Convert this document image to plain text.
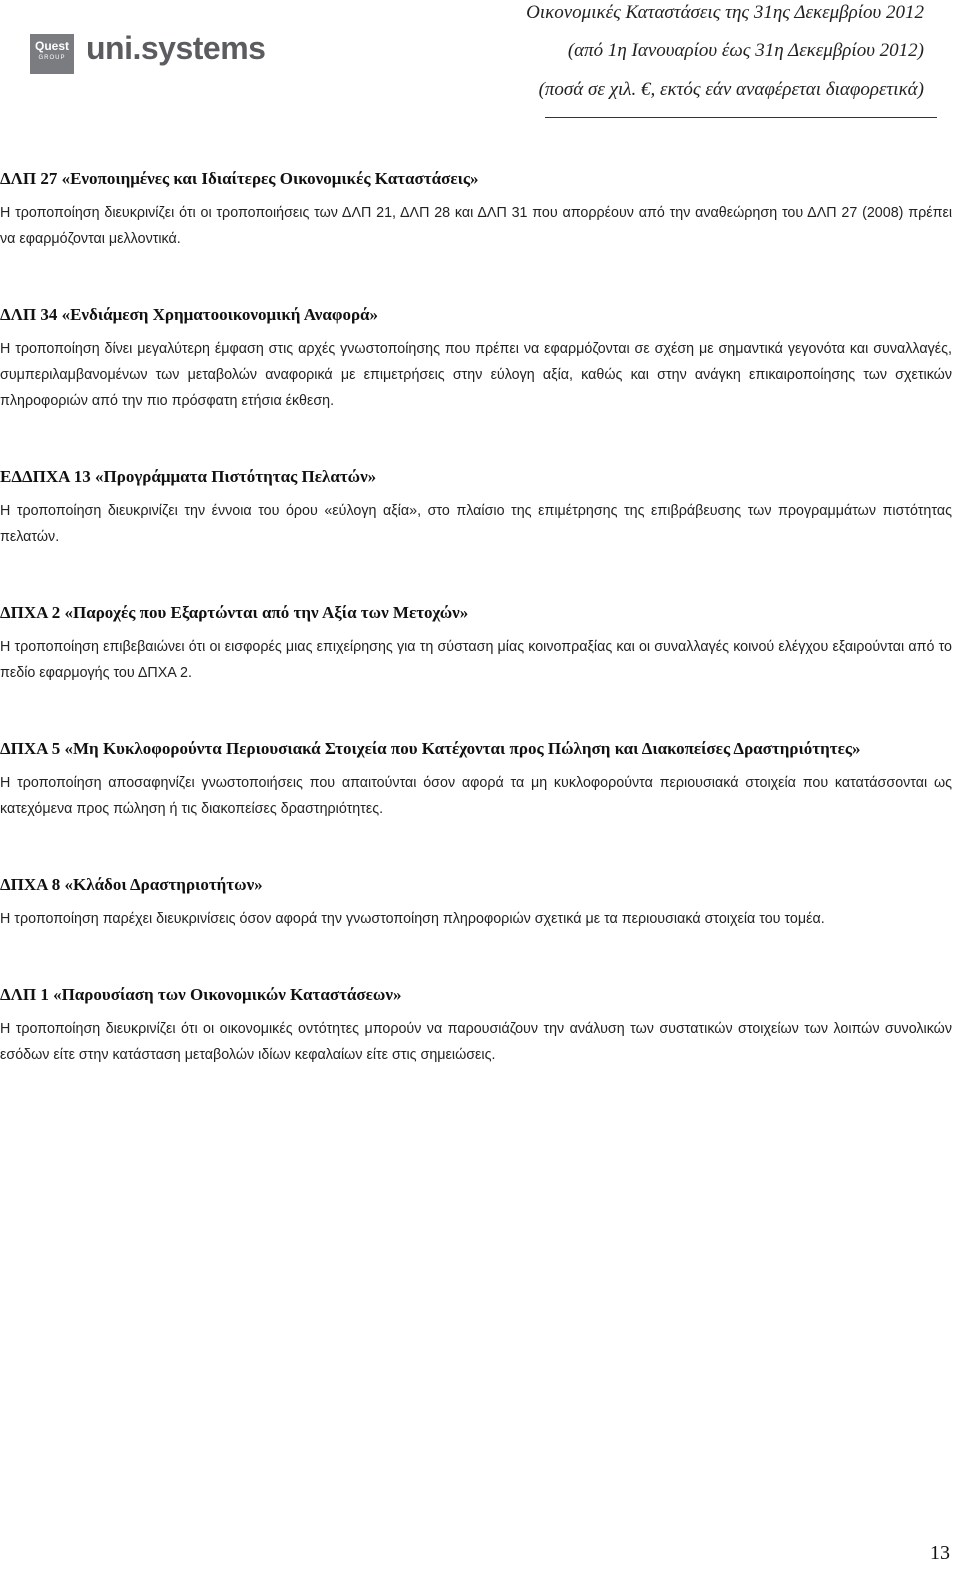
Quest
GROUP uni.systems
Οικονομικές Καταστάσεις της 31ης Δεκεμβρίου 2012
(από 1η Ιανουαρίου έως 31η Δεκεμβρίου 2012)
(ποσά σε χιλ. €, εκτός εάν αναφέρεται διαφορετικά)

ΔΛΠ 27 «Ενοποιημένες και Ιδιαίτερες Οικονομικές Καταστάσεις»

Η τροποποίηση διευκρινίζει ότι οι τροποποιήσεις των ΔΛΠ 21, ΔΛΠ 28 και ΔΛΠ 31 που απορρέουν από την αναθεώρηση του ΔΛΠ 27 (2008) πρέπει να εφαρμόζονται μελλοντικά.

ΔΛΠ 34 «Ενδιάμεση Χρηματοοικονομική Αναφορά»

Η τροποποίηση δίνει μεγαλύτερη έμφαση στις αρχές γνωστοποίησης που πρέπει να εφαρμόζονται σε σχέση με σημαντικά γεγονότα και συναλλαγές, συμπεριλαμβανομένων των μεταβολών αναφορικά με επιμετρήσεις στην εύλογη αξία, καθώς και στην ανάγκη επικαιροποίησης των σχετικών πληροφοριών από την πιο πρόσφατη ετήσια έκθεση.

ΕΔΔΠΧΑ 13 «Προγράμματα Πιστότητας Πελατών»

Η τροποποίηση διευκρινίζει την έννοια του όρου «εύλογη αξία», στο πλαίσιο της επιμέτρησης της επιβράβευσης των προγραμμάτων πιστότητας πελατών.

ΔΠΧΑ 2 «Παροχές που Εξαρτώνται από την Αξία των Μετοχών»

Η τροποποίηση επιβεβαιώνει ότι οι εισφορές μιας επιχείρησης για τη σύσταση μίας κοινοπραξίας και οι συναλλαγές κοινού ελέγχου εξαιρούνται από το πεδίο εφαρμογής του ΔΠΧΑ 2.

ΔΠΧΑ 5 «Μη Κυκλοφορούντα Περιουσιακά Στοιχεία που Κατέχονται προς Πώληση και Διακοπείσες Δραστηριότητες»

Η τροποποίηση αποσαφηνίζει γνωστοποιήσεις που απαιτούνται όσον αφορά τα μη κυκλοφορούντα περιουσιακά στοιχεία που κατατάσσονται ως κατεχόμενα προς πώληση ή τις διακοπείσες δραστηριότητες.

ΔΠΧΑ 8 «Κλάδοι Δραστηριοτήτων»

Η τροποποίηση παρέχει διευκρινίσεις όσον αφορά την γνωστοποίηση πληροφοριών σχετικά με τα περιουσιακά στοιχεία του τομέα.

ΔΛΠ 1 «Παρουσίαση των Οικονομικών Καταστάσεων»

Η τροποποίηση διευκρινίζει ότι οι οικονομικές οντότητες μπορούν να παρουσιάζουν την ανάλυση των συστατικών στοιχείων των λοιπών συνολικών εσόδων είτε στην κατάσταση μεταβολών ιδίων κεφαλαίων είτε στις σημειώσεις.

13
